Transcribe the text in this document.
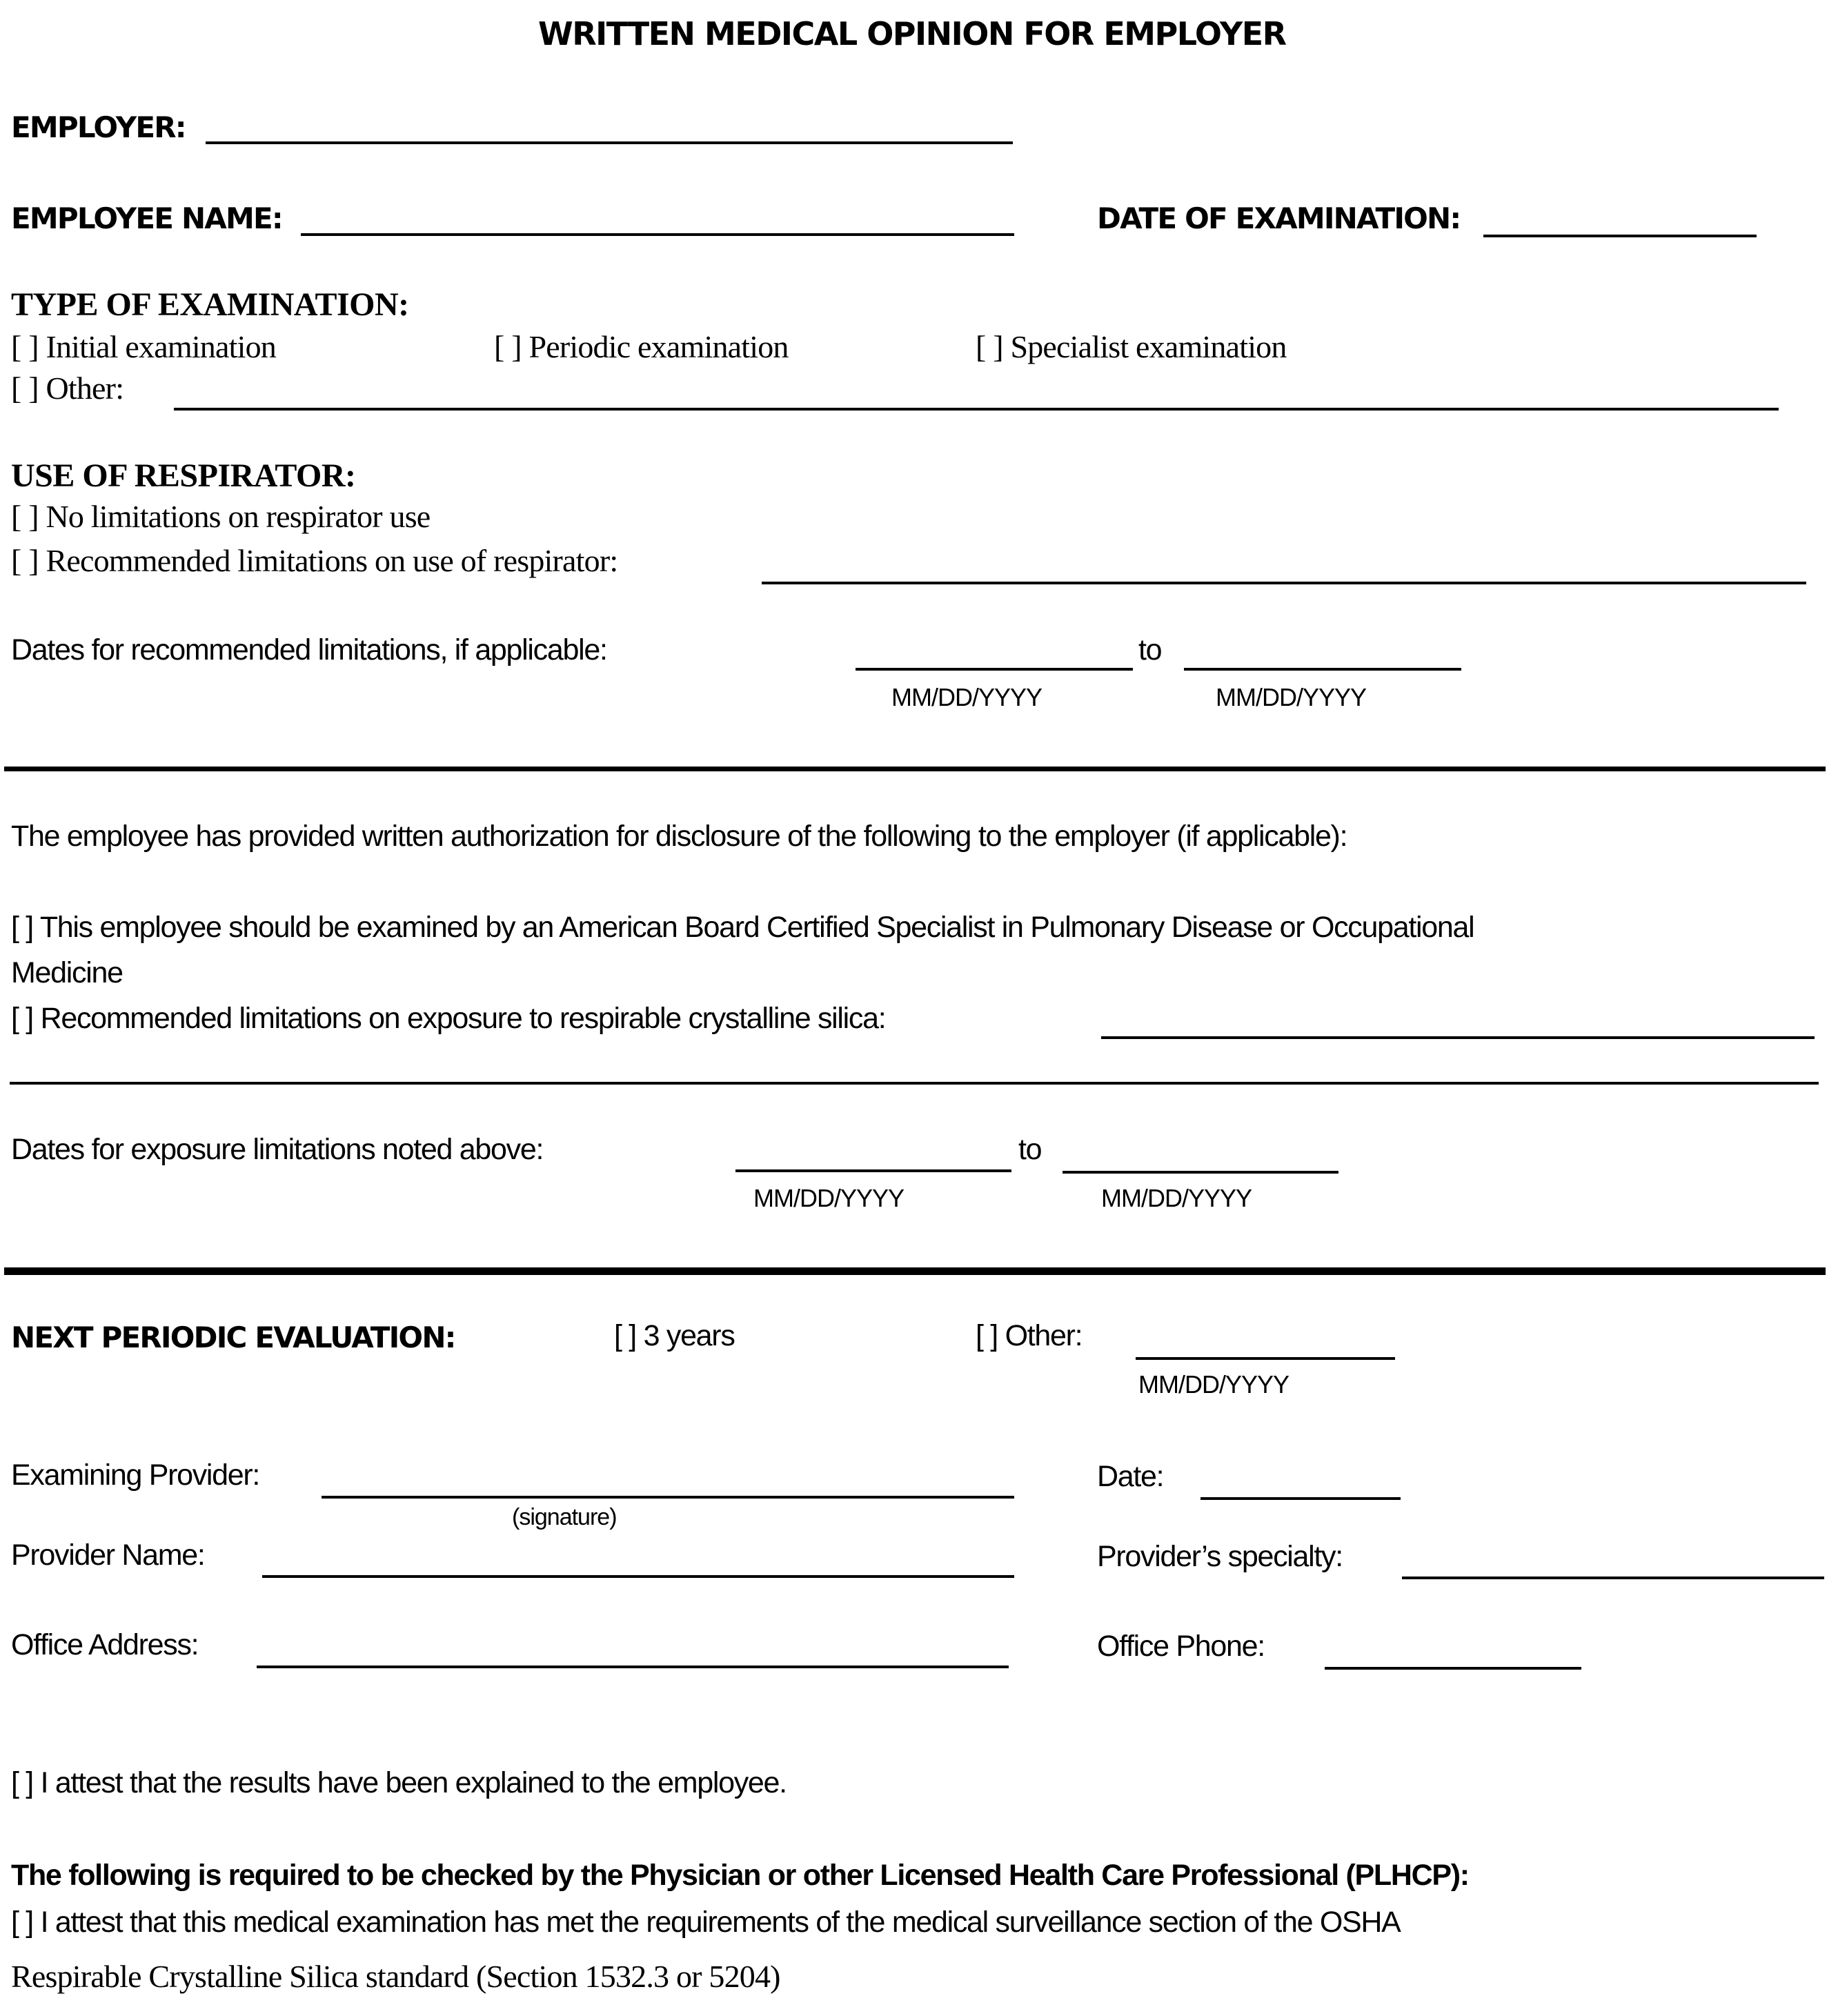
WRITTEN MEDICAL OPINION FOR EMPLOYER
EMPLOYER:
EMPLOYEE NAME:	DATE OF EXAMINATION:
TYPE OF EXAMINATION:
[ ] Initial examination	[ ] Periodic examination	[ ] Specialist examination
[ ] Other:
USE OF RESPIRATOR:
[ ] No limitations on respirator use
[ ] Recommended limitations on use of respirator:
Dates for recommended limitations, if applicable:	to
MM/DD/YYYY	MM/DD/YYYY
The employee has provided written authorization for disclosure of the following to the employer (if applicable):
[ ] This employee should be examined by an American Board Certified Specialist in Pulmonary Disease or Occupational
Medicine
[ ] Recommended limitations on exposure to respirable crystalline silica:
Dates for exposure limitations noted above:	to
MM/DD/YYYY	MM/DD/YYYY
NEXT PERIODIC EVALUATION:	[ ] 3 years	[ ] Other:
MM/DD/YYYY
Examining Provider:
(signature)
Date:
Provider Name:	Provider’s specialty:
Office Address:	Office Phone:
[ ] I attest that the results have been explained to the employee.
The following is required to be checked by the Physician or other Licensed Health Care Professional (PLHCP):
[ ] I attest that this medical examination has met the requirements of the medical surveillance section of the OSHA
Respirable Crystalline Silica standard (Section 1532.3 or 5204)
